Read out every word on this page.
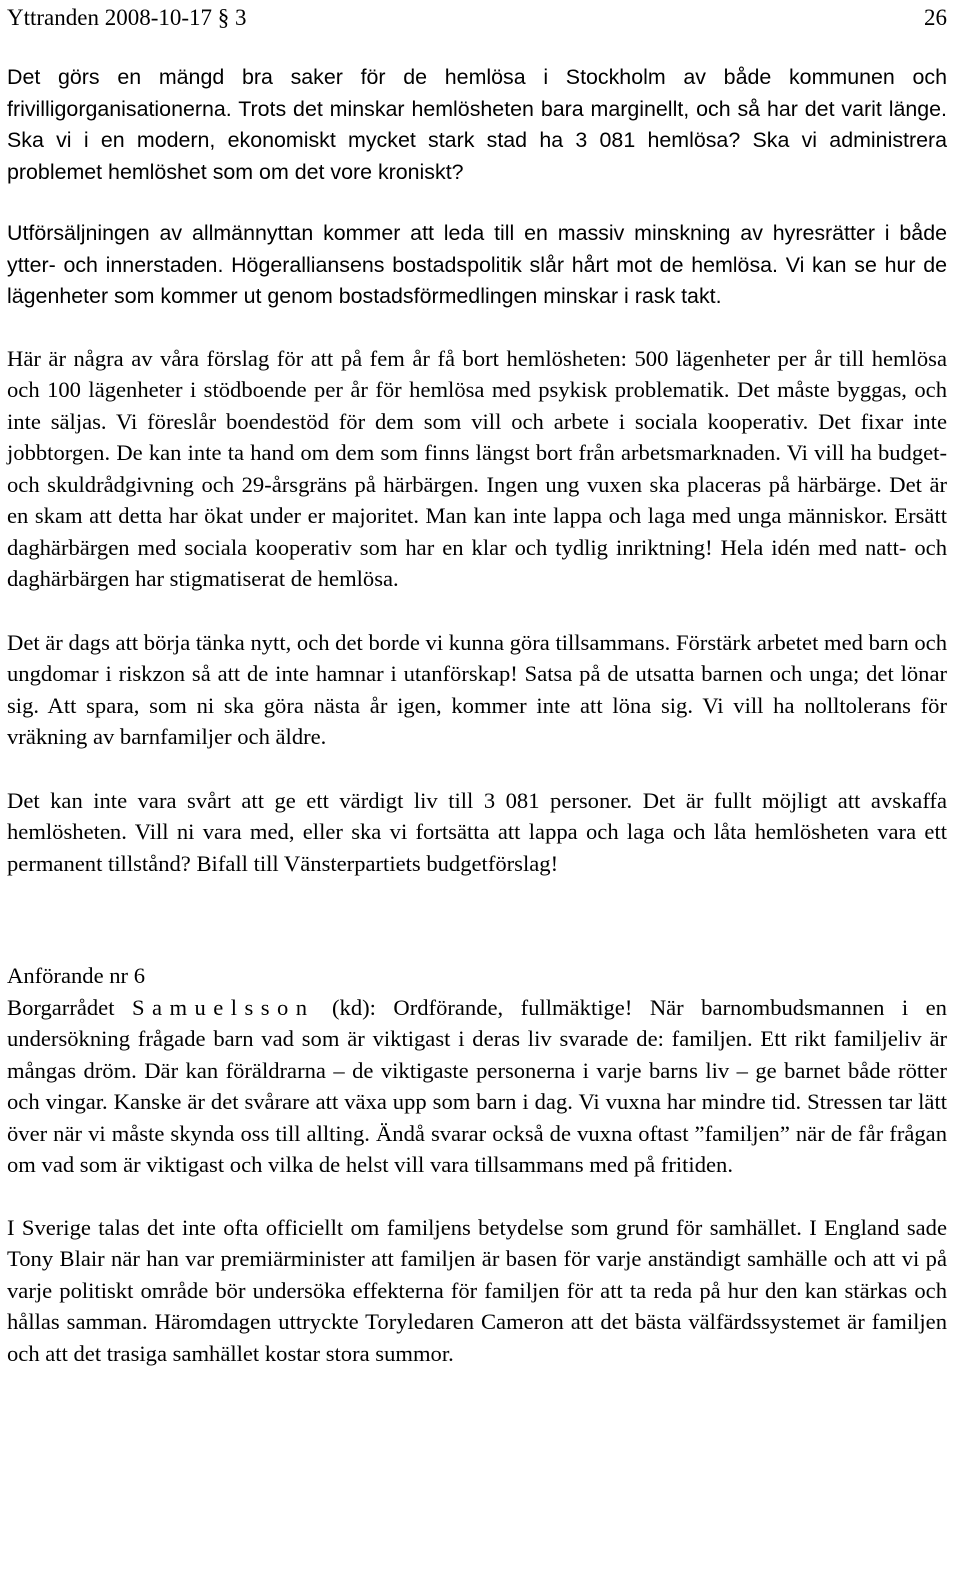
Yttranden 2008-10-17 § 3	26

Det görs en mängd bra saker för de hemlösa i Stockholm av både kommunen och frivilligorganisationerna. Trots det minskar hemlösheten bara marginellt, och så har det varit länge. Ska vi i en modern, ekonomiskt mycket stark stad ha 3 081 hemlösa? Ska vi administrera problemet hemlöshet som om det vore kroniskt?

Utförsäljningen av allmännyttan kommer att leda till en massiv minskning av hyresrätter i både ytter- och innerstaden. Högeralliansens bostadspolitik slår hårt mot de hemlösa. Vi kan se hur de lägenheter som kommer ut genom bostadsförmedlingen minskar i rask takt.

Här är några av våra förslag för att på fem år få bort hemlösheten: 500 lägenheter per år till hemlösa och 100 lägenheter i stödboende per år för hemlösa med psykisk problematik. Det måste byggas, och inte säljas. Vi föreslår boendestöd för dem som vill och arbete i sociala kooperativ. Det fixar inte jobbtorgen. De kan inte ta hand om dem som finns längst bort från arbetsmarknaden. Vi vill ha budget- och skuldrådgivning och 29-årsgräns på härbärgen. Ingen ung vuxen ska placeras på härbärge. Det är en skam att detta har ökat under er majoritet. Man kan inte lappa och laga med unga människor. Ersätt daghärbärgen med sociala kooperativ som har en klar och tydlig inriktning! Hela idén med natt- och daghärbärgen har stigmatiserat de hemlösa.

Det är dags att börja tänka nytt, och det borde vi kunna göra tillsammans. Förstärk arbetet med barn och ungdomar i riskzon så att de inte hamnar i utanförskap! Satsa på de utsatta barnen och unga; det lönar sig. Att spara, som ni ska göra nästa år igen, kommer inte att löna sig. Vi vill ha nolltolerans för vräkning av barnfamiljer och äldre.

Det kan inte vara svårt att ge ett värdigt liv till 3 081 personer. Det är fullt möjligt att avskaffa hemlösheten. Vill ni vara med, eller ska vi fortsätta att lappa och laga och låta hemlösheten vara ett permanent tillstånd? Bifall till Vänsterpartiets budgetförslag!

Anförande nr 6

Borgarrådet Samuelsson (kd): Ordförande, fullmäktige! När barnombudsmannen i en undersökning frågade barn vad som är viktigast i deras liv svarade de: familjen. Ett rikt familjeliv är mångas dröm. Där kan föräldrarna – de viktigaste personerna i varje barns liv – ge barnet både rötter och vingar. Kanske är det svårare att växa upp som barn i dag. Vi vuxna har mindre tid. Stressen tar lätt över när vi måste skynda oss till allting. Ändå svarar också de vuxna oftast ”familjen” när de får frågan om vad som är viktigast och vilka de helst vill vara tillsammans med på fritiden.

I Sverige talas det inte ofta officiellt om familjens betydelse som grund för samhället. I England sade Tony Blair när han var premiärminister att familjen är basen för varje anständigt samhälle och att vi på varje politiskt område bör undersöka effekterna för familjen för att ta reda på hur den kan stärkas och hållas samman. Häromdagen uttryckte Toryledaren Cameron att det bästa välfärdssystemet är familjen och att det trasiga samhället kostar stora summor.
